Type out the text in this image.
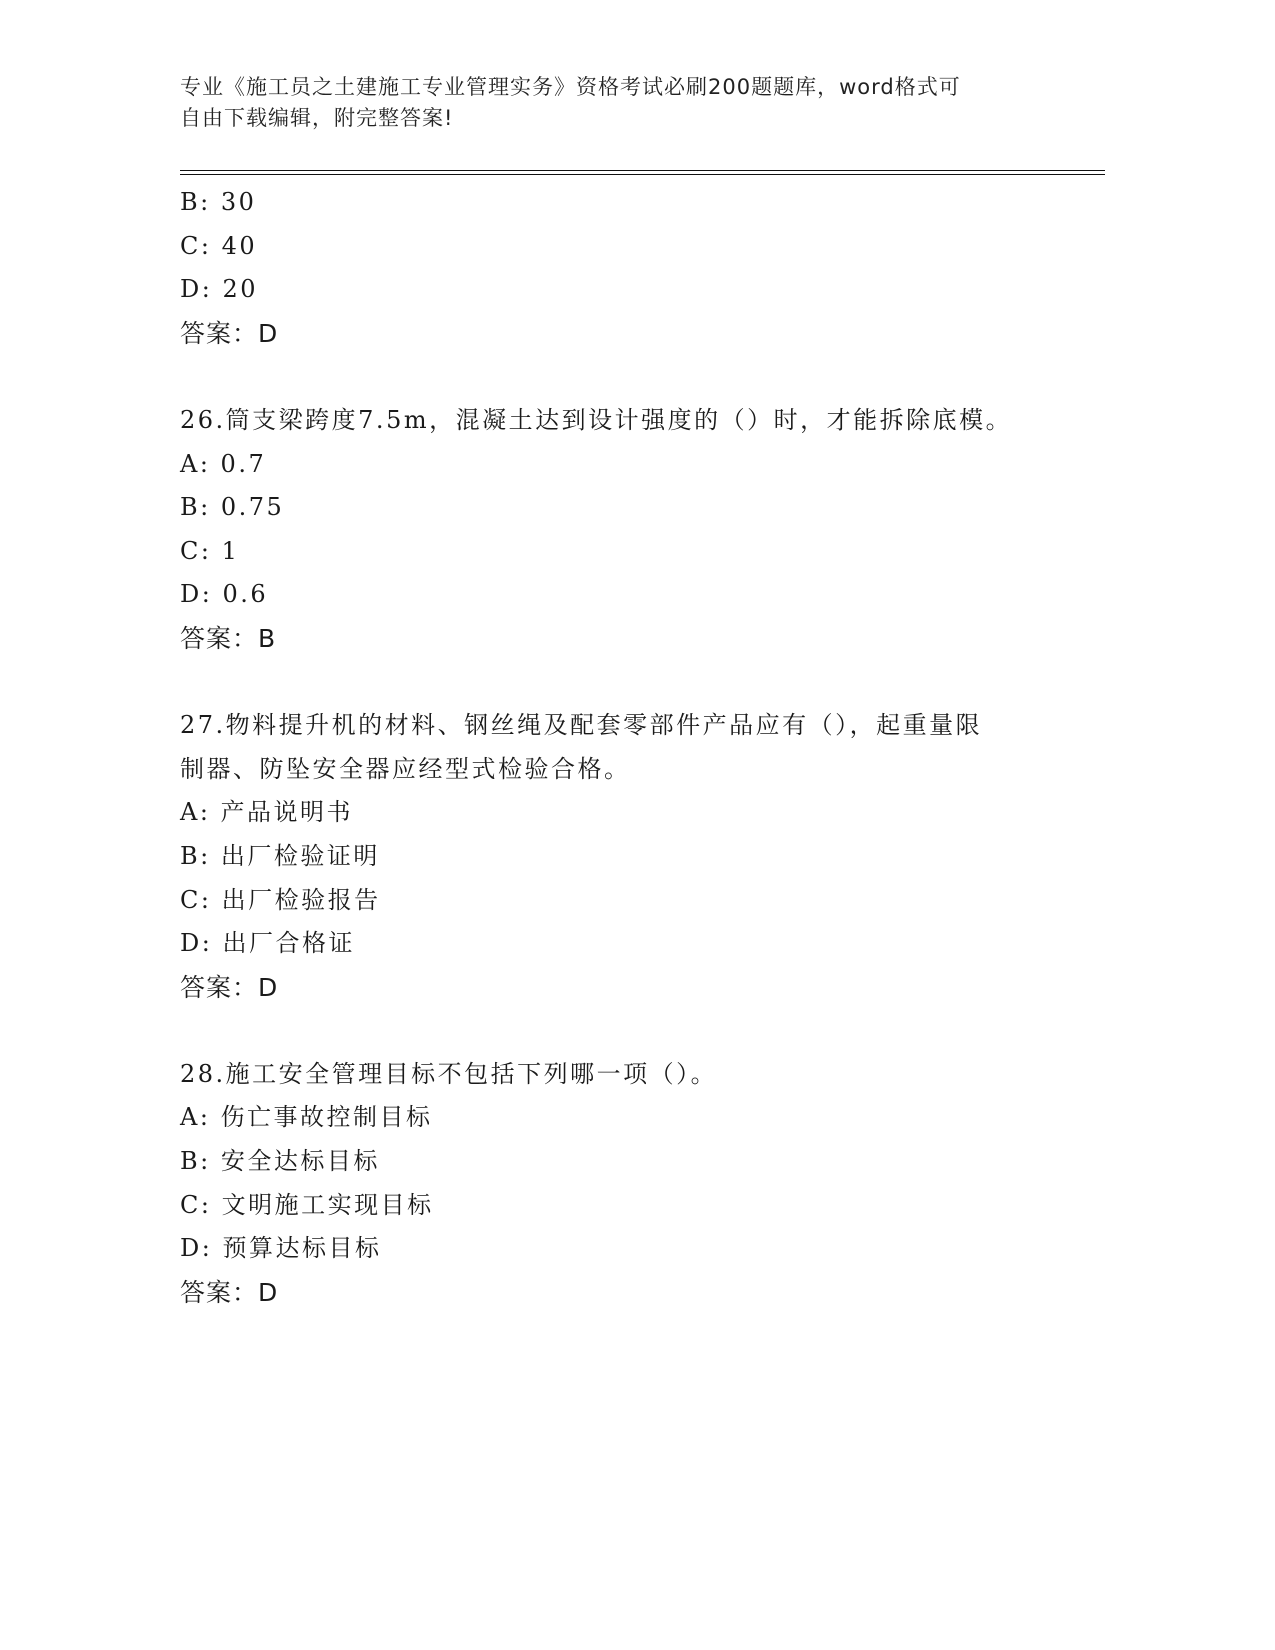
专业《施工员之土建施工专业管理实务》资格考试必刷200题题库，word格式可

自由下载编辑，附完整答案!

B: 30
C: 40
D: 20
答案：D
26.筒支梁跨度7.5m，混凝土达到设计强度的（）时，才能拆除底模。
A: 0.7
B: 0.75
C: 1
D: 0.6
答案：B
27.物料提升机的材料、钢丝绳及配套零部件产品应有（），起重量限
制器、防坠安全器应经型式检验合格。
A: 产品说明书
B: 出厂检验证明
C: 出厂检验报告
D: 出厂合格证
答案：D
28.施工安全管理目标不包括下列哪一项（）。
A: 伤亡事故控制目标
B: 安全达标目标
C: 文明施工实现目标
D: 预算达标目标
答案：D
